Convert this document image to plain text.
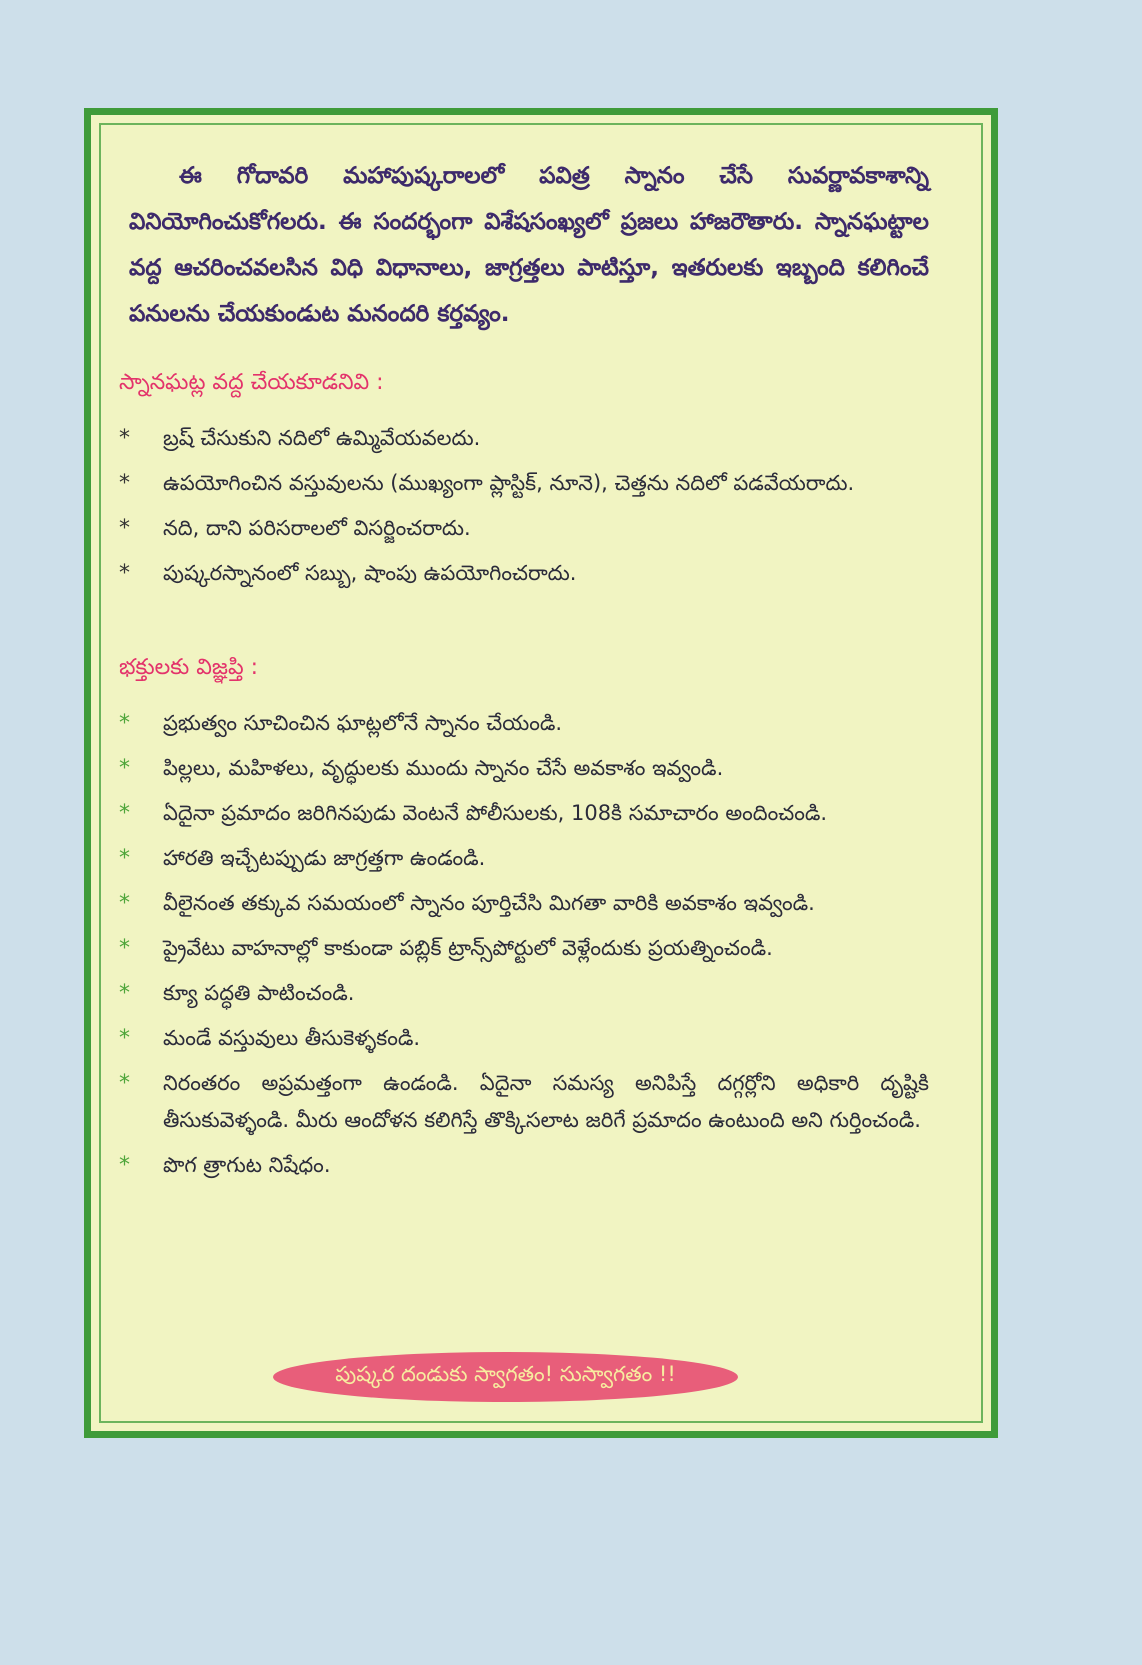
ఈ గోదావరి మహాపుష్కరాలలో పవిత్ర స్నానం చేసే సువర్ణావకాశాన్ని వినియోగించుకోగలరు. ఈ సందర్భంగా విశేషసంఖ్యలో ప్రజలు హాజరౌతారు. స్నానఘట్టాల వద్ద ఆచరించవలసిన విధి విధానాలు, జాగ్రత్తలు పాటిస్తూ, ఇతరులకు ఇబ్బంది కలిగించే పనులను చేయకుండుట మనందరి కర్తవ్యం.

స్నానఘట్ల వద్ద చేయకూడనివి :
* బ్రష్ చేసుకుని నదిలో ఉమ్మివేయవలదు.
* ఉపయోగించిన వస్తువులను (ముఖ్యంగా ప్లాస్టిక్, నూనె), చెత్తను నదిలో పడవేయరాదు.
* నది, దాని పరిసరాలలో విసర్జించరాదు.
* పుష్కరస్నానంలో సబ్బు, షాంపు ఉపయోగించరాదు.
భక్తులకు విజ్ఞప్తి :
* ప్రభుత్వం సూచించిన ఘాట్లలోనే స్నానం చేయండి.
* పిల్లలు, మహిళలు, వృద్ధులకు ముందు స్నానం చేసే అవకాశం ఇవ్వండి.
* ఏదైనా ప్రమాదం జరిగినపుడు వెంటనే పోలీసులకు, 108కి సమాచారం అందించండి.
* హారతి ఇచ్చేటప్పుడు జాగ్రత్తగా ఉండండి.
* వీలైనంత తక్కువ సమయంలో స్నానం పూర్తిచేసి మిగతా వారికి అవకాశం ఇవ్వండి.
* ప్రైవేటు వాహనాల్లో కాకుండా పబ్లిక్ ట్రాన్స్‌పోర్టులో వెళ్లేందుకు ప్రయత్నించండి.
* క్యూ పద్ధతి పాటించండి.
* మండే వస్తువులు తీసుకెళ్ళకండి.
* నిరంతరం అప్రమత్తంగా ఉండండి. ఏదైనా సమస్య అనిపిస్తే దగ్గర్లోని అధికారి దృష్టికి తీసుకువెళ్ళండి. మీరు ఆందోళన కలిగిస్తే తొక్కిసలాట జరిగే ప్రమాదం ఉంటుంది అని గుర్తించండి.
* పొగ త్రాగుట నిషేధం.
పుష్కర దండుకు స్వాగతం! సుస్వాగతం !!
